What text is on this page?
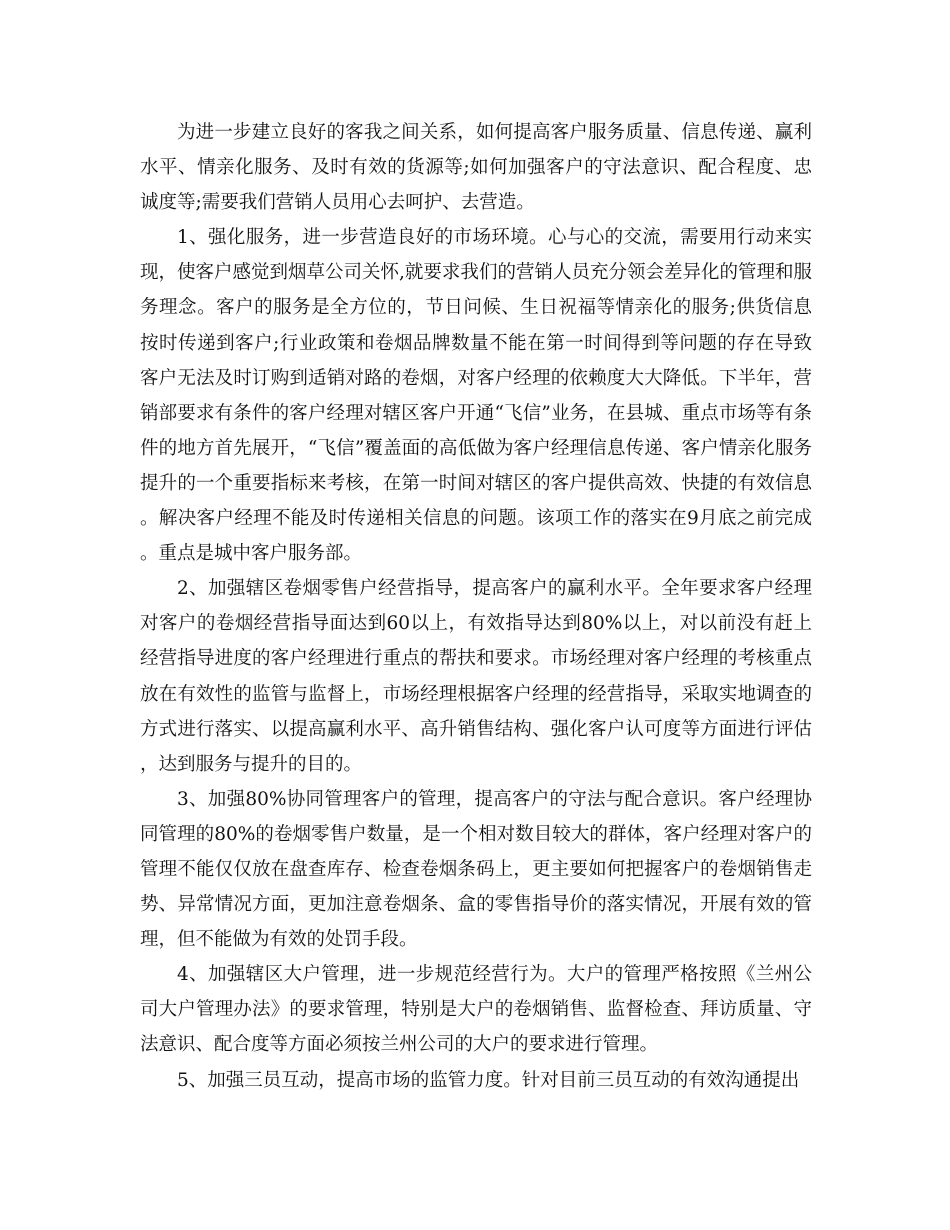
为进一步建立良好的客我之间关系，如何提高客户服务质量、信息传递、赢利水平、情亲化服务、及时有效的货源等;如何加强客户的守法意识、配合程度、忠诚度等;需要我们营销人员用心去呵护、去营造。

1、强化服务，进一步营造良好的市场环境。心与心的交流，需要用行动来实现，使客户感觉到烟草公司关怀,就要求我们的营销人员充分领会差异化的管理和服务理念。客户的服务是全方位的，节日问候、生日祝福等情亲化的服务;供货信息按时传递到客户;行业政策和卷烟品牌数量不能在第一时间得到等问题的存在导致客户无法及时订购到适销对路的卷烟，对客户经理的依赖度大大降低。下半年，营销部要求有条件的客户经理对辖区客户开通“飞信”业务，在县城、重点市场等有条件的地方首先展开，“飞信”覆盖面的高低做为客户经理信息传递、客户情亲化服务提升的一个重要指标来考核，在第一时间对辖区的客户提供高效、快捷的有效信息。解决客户经理不能及时传递相关信息的问题。该项工作的落实在9月底之前完成。重点是城中客户服务部。

2、加强辖区卷烟零售户经营指导，提高客户的赢利水平。全年要求客户经理对客户的卷烟经营指导面达到60以上，有效指导达到80%以上，对以前没有赶上经营指导进度的客户经理进行重点的帮扶和要求。市场经理对客户经理的考核重点放在有效性的监管与监督上，市场经理根据客户经理的经营指导，采取实地调查的方式进行落实、以提高赢利水平、高升销售结构、强化客户认可度等方面进行评估，达到服务与提升的目的。

3、加强80%协同管理客户的管理，提高客户的守法与配合意识。客户经理协同管理的80%的卷烟零售户数量，是一个相对数目较大的群体，客户经理对客户的管理不能仅仅放在盘查库存、检查卷烟条码上，更主要如何把握客户的卷烟销售走势、异常情况方面，更加注意卷烟条、盒的零售指导价的落实情况，开展有效的管理，但不能做为有效的处罚手段。

4、加强辖区大户管理，进一步规范经营行为。大户的管理严格按照《兰州公司大户管理办法》的要求管理，特别是大户的卷烟销售、监督检查、拜访质量、守法意识、配合度等方面必须按兰州公司的大户的要求进行管理。

5、加强三员互动，提高市场的监管力度。针对目前三员互动的有效沟通提出
